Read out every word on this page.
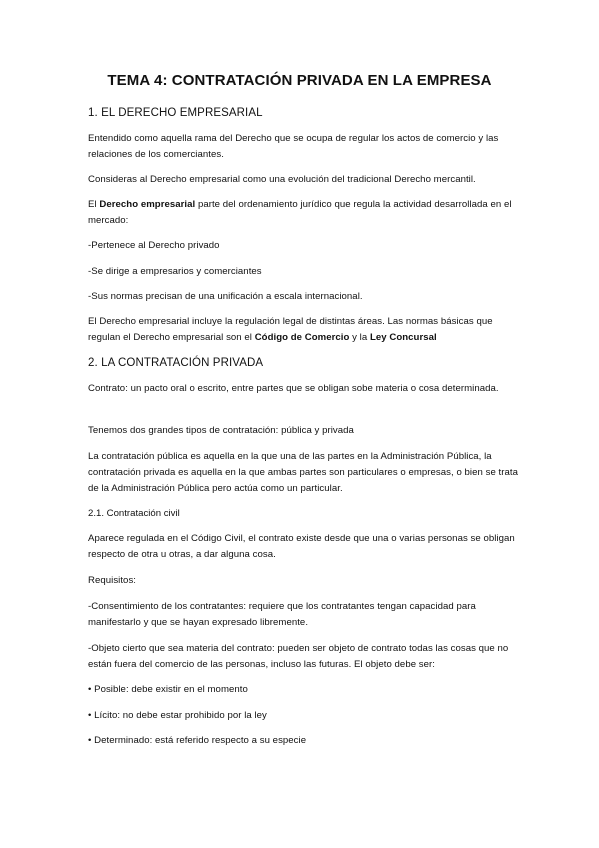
TEMA 4: CONTRATACIÓN PRIVADA EN LA EMPRESA
1. EL DERECHO EMPRESARIAL
Entendido como aquella rama del Derecho que se ocupa de regular los actos de comercio y las relaciones de los comerciantes.
Consideras al Derecho empresarial como una evolución del tradicional Derecho mercantil.
El Derecho empresarial parte del ordenamiento jurídico que regula la actividad desarrollada en el mercado:
-Pertenece al Derecho privado
-Se dirige a empresarios y comerciantes
-Sus normas precisan de una unificación a escala internacional.
El Derecho empresarial incluye la regulación legal de distintas áreas. Las normas básicas que regulan el Derecho empresarial son el Código de Comercio y la Ley Concursal
2. LA CONTRATACIÓN PRIVADA
Contrato: un pacto oral o escrito, entre partes que se obligan sobe materia o cosa determinada.
Tenemos dos grandes tipos de contratación: pública y privada
La contratación pública es aquella en la que una de las partes en la Administración Pública, la contratación privada es aquella en la que ambas partes son particulares o empresas, o bien se trata de la Administración Pública pero actúa como un particular.
2.1. Contratación civil
Aparece regulada en el Código Civil, el contrato existe desde que una o varias personas se obligan respecto de otra u otras, a dar alguna cosa.
Requisitos:
-Consentimiento de los contratantes: requiere que los contratantes tengan capacidad para manifestarlo y que se hayan expresado libremente.
-Objeto cierto que sea materia del contrato: pueden ser objeto de contrato todas las cosas que no están fuera del comercio de las personas, incluso las futuras. El objeto debe ser:
• Posible: debe existir en el momento
• Lícito: no debe estar prohibido por la ley
• Determinado: está referido respecto a su especie
